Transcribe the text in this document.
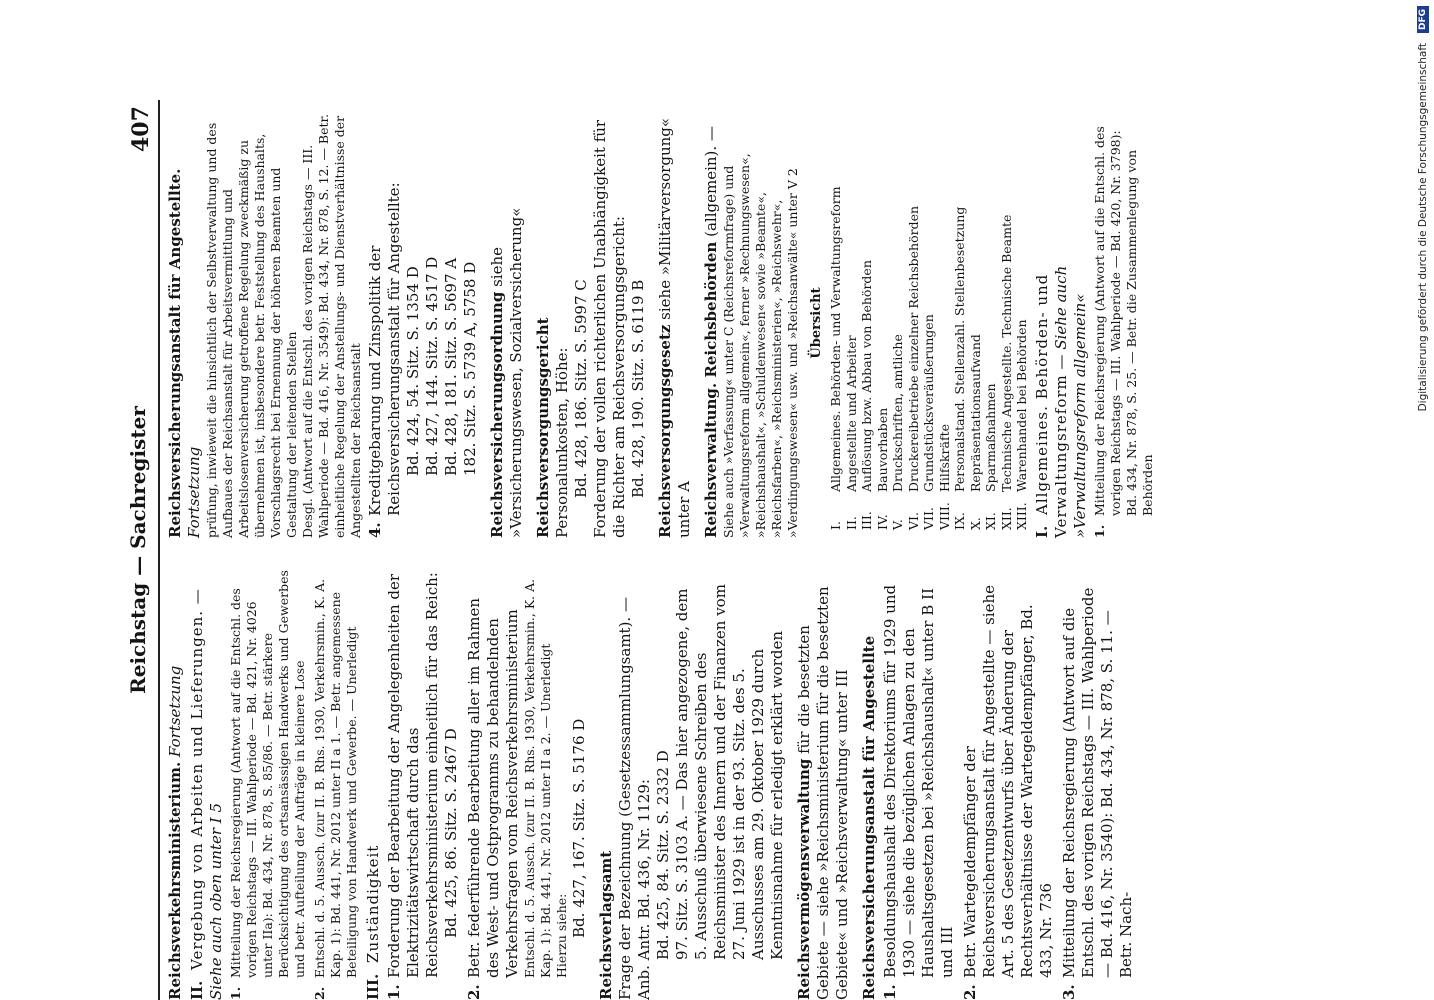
Reichstag — Sachregister

407

Reichsverkehrsministerium. Fortsetzung
II. Vergebung von Arbeiten und Lieferungen. — Siehe auch oben unter I 5 1.
Mitteilung der Reichsregierung (Antwort auf die Entschl. des vorigen Reichstags — III. Wahlperiode — Bd. 421, Nr. 4026 unter IIa): Bd. 434, Nr. 878, S. 85/86. — Betr. stärkere Berücksichtigung des ortsansässigen Handwerks und Gewerbes und betr. Aufteilung der Aufträge in kleinere Lose
2.
Entschl. d. 5. Aussch. (zur II. B. Rhs. 1930, Verkehrsmin., K. A. Kap. 1): Bd. 441, Nr. 2012 unter II a 1. — Betr. angemessene Beteiligung von Handwerk und Gewerbe. — Unerledigt
III. Zuständigkeit
1.
Forderung der Bearbeitung der Angelegenheiten der Elektrizitätswirtschaft durch das Reichsverkehrsministerium einheitlich für das Reich: Bd. 425, 86. Sitz. S. 2467 D
2.
Betr. federführende Bearbeitung aller im Rahmen des West- und Ostprogramms zu behandelnden Verkehrsfragen vom Reichsverkehrsministerium Entschl. d. 5. Aussch. (zur II. B. Rhs. 1930, Verkehrsmin., K. A. Kap. 1): Bd. 441, Nr. 2012 unter II a 2. — Unerledigt Hierzu siehe: Bd. 427, 167. Sitz. S. 5176 D Reichsverlagsamt Frage der Bezeichnung (Gesetzessammlungsamt). — Anb. Antr. Bd. 436, Nr. 1129: Bd. 425, 84. Sitz. S. 2332 D 97. Sitz. S. 3103 A. — Das hier angezogene, dem 5. Ausschuß überwiesene Schreiben des Reichsminister des Innern und der Finanzen vom 27. Juni 1929 ist in der 93. Sitz. des 5. Ausschusses am 29. Oktober 1929 durch Kenntnisnahme für erledigt erklärt worden Reichsvermögensverwaltung für die besetzten Gebiete — siehe »Reichsministerium für die besetzten Gebiete« und »Reichsverwaltung« unter III Reichsversicherungsanstalt für Angestellte 1.
Besoldungshaushalt des Direktoriums für 1929 und 1930 — siehe die bezüglichen Anlagen zu den Haushaltsgesetzen bei »Reichshaushalt« unter B II und III
2.
Betr. Wartegeldempfänger der Reichsversicherungsanstalt für Angestellte — siehe Art. 5 des Gesetzentwurfs über Änderung der Rechtsverhältnisse der Wartegeldempfänger, Bd. 433, Nr. 736
3.
Mitteilung der Reichsregierung (Antwort auf die Entschl. des vorigen Reichstags — III. Wahlperiode — Bd. 416, Nr. 3540): Bd. 434, Nr. 878, S. 11. — Betr. Nach-
Reichsversicherungsanstalt für Angestellte. Fortsetzung prüfung, inwieweit die hinsichtlich der Selbstverwaltung und des Aufbaues der Reichsanstalt für Arbeitsvermittlung und Arbeitslosenversicherung getroffene Regelung zweckmäßig zu übernehmen ist, insbesondere betr. Feststellung des Haushalts, Vorschlagsrecht bei Ernennung der höheren Beamten und Gestaltung der leitenden Stellen Desgl. (Antwort auf die Entschl. des vorigen Reichstags — III. Wahlperiode — Bd. 416, Nr. 3549): Bd. 434, Nr. 878, S. 12. — Betr. einheitliche Regelung der Anstellungs- und Dienstverhältnisse der Angestellten der Reichsanstalt 4.
Kreditgebarung und Zinspolitik der Reichsversicherungsanstalt für Angestellte: Bd. 424, 54. Sitz. S. 1354 D Bd. 427, 144. Sitz. S. 4517 D Bd. 428, 181. Sitz. S. 5697 A 182. Sitz. S. 5739 A, 5758 D Reichsversicherungsordnung siehe »Versicherungswesen, Sozialversicherung« Reichsversorgungsgericht Personalunkosten, Höhe: Bd. 428, 186. Sitz. S. 5997 C Forderung der vollen richterlichen Unabhängigkeit für die Richter am Reichsversorgungsgericht: Bd. 428, 190. Sitz. S. 6119 B Reichsversorgungsgesetz siehe »Militärversorgung« unter A Reichsverwaltung. Reichsbehörden (allgemein). — Siehe auch »Verfassung« unter C (Reichsreformfrage) und »Verwaltungsreform allgemein«, ferner »Rechnungswesen«, »Reichshaushalt«, »Schuldenwesen« sowie »Beamte«, »Reichsfarben«, »Reichsministerien«, »Reichswehr«, »Verdingungswesen« usw. und »Reichsanwälte« unter V 2 Übersicht

I.Allgemeines. Behörden- und Verwaltungsreform

II.Angestellte und Arbeiter

III.Auflösung bzw. Abbau von Behörden

IV.Bauvorhaben

V.Druckschriften, amtliche

VI.Druckereibetriebe einzelner Reichsbehörden

VII.Grundstücksveräußerungen

VIII.Hilfskräfte

IX.Personalstand. Stellenzahl. Stellenbesetzung

X.Repräsentationsaufwand

XI.Sparmaßnahmen

XII.Technische Angestellte. Technische Beamte

XIII.Warenhandel bei Behörden

I. Allgemeines. Behörden- und Verwaltungsreform — Siehe auch »Verwaltungsreform allgemein« 1.
Mitteilung der Reichsregierung (Antwort auf die Entschl. des vorigen Reichstags — III. Wahlperiode — Bd. 420, Nr. 3798): Bd. 434, Nr. 878, S. 25. — Betr. die Zusammenlegung von Behörden
Digitalisierung gefördert durch die Deutsche Forschungsgemeinschaft
DFG
